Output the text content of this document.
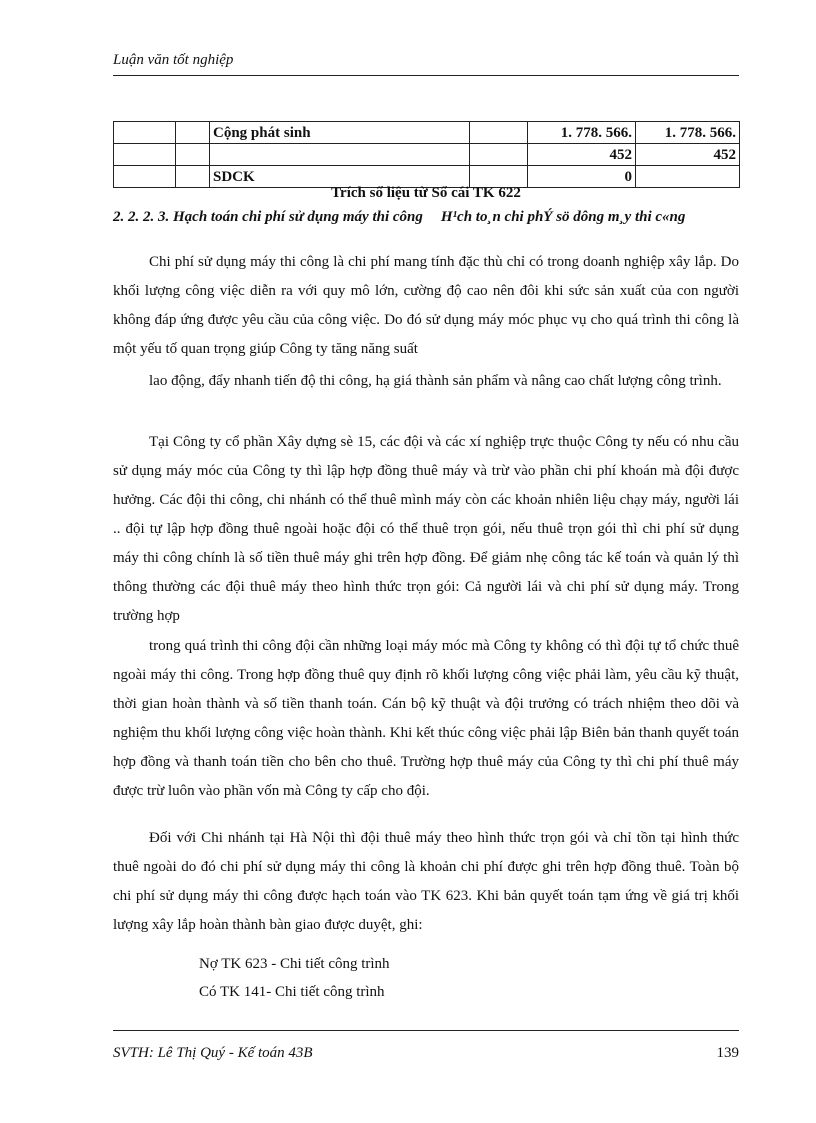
Luận văn tốt nghiệp
		Cộng phát sinh		1. 778. 566.	1. 778. 566.
				452	452
		SDCK		0	
Trích số liệu từ Sổ cái TK 622
2. 2. 2. 3. Hạch toán chi phí sử dụng máy thi công H¹ch to¸n chi phÝ sö dông m¸y thi c«ng
Chi phí sử dụng máy thi công là chi phí mang tính đặc thù chỉ có trong doanh nghiệp xây lắp. Do khối lượng công việc diễn ra với quy mô lớn, cường độ cao nên đôi khi sức sản xuất của con người không đáp ứng được yêu cầu của công việc. Do đó sử dụng máy móc phục vụ cho quá trình thi công là một yếu tố quan trọng giúp Công ty tăng năng suất
lao động, đẩy nhanh tiến độ thi công, hạ giá thành sản phẩm và nâng cao chất lượng công trình.
Tại Công ty cổ phần Xây dựng sè 15, các đội và các xí nghiệp trực thuộc Công ty nếu có nhu cầu sử dụng máy móc của Công ty thì lập hợp đồng thuê máy và trừ vào phần chi phí khoán mà đội được hưởng. Các đội thi công, chi nhánh có thể thuê mình máy còn các khoản nhiên liệu chạy máy, người lái .. đội tự lập hợp đồng thuê ngoài hoặc đội có thể thuê trọn gói, nếu thuê trọn gói thì chi phí sử dụng máy thi công chính là số tiền thuê máy ghi trên hợp đồng. Để giảm nhẹ công tác kế toán và quản lý thì thông thường các đội thuê máy theo hình thức trọn gói: Cả người lái và chi phí sử dụng máy. Trong trường hợp
trong quá trình thi công đội cần những loại máy móc mà Công ty không có thì đội tự tổ chức thuê ngoài máy thi công. Trong hợp đồng thuê quy định rõ khối lượng công việc phải làm, yêu cầu kỹ thuật, thời gian hoàn thành và số tiền thanh toán. Cán bộ kỹ thuật và đội trưởng có trách nhiệm theo dõi và nghiệm thu khối lượng công việc hoàn thành. Khi kết thúc công việc phải lập Biên bản thanh quyết toán hợp đồng và thanh toán tiền cho bên cho thuê. Trường hợp thuê máy của Công ty thì chi phí thuê máy được trừ luôn vào phần vốn mà Công ty cấp cho đội.
Đối với Chi nhánh tại Hà Nội thì đội thuê máy theo hình thức trọn gói và chỉ tồn tại hình thức thuê ngoài do đó chi phí sử dụng máy thi công là khoản chi phí được ghi trên hợp đồng thuê. Toàn bộ chi phí sử dụng máy thi công được hạch toán vào TK 623. Khi bản quyết toán tạm ứng về giá trị khối lượng xây lắp hoàn thành bàn giao được duyệt, ghi:
Nợ TK 623 - Chi tiết công trình
Có TK 141- Chi tiết công trình
SVTH: Lê Thị Quý - Kế toán 43B	139
